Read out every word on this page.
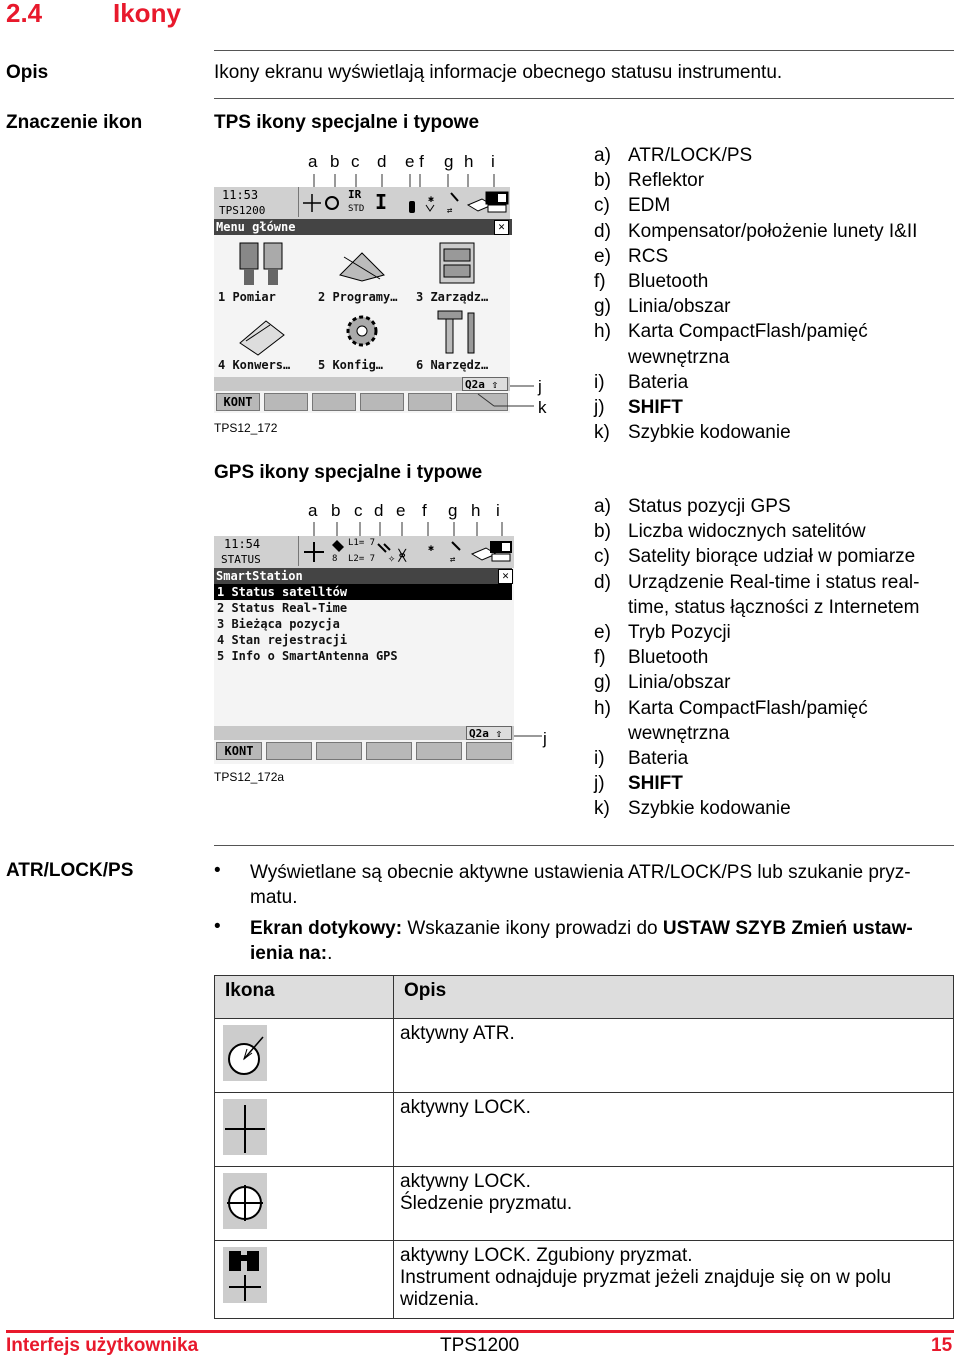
2.4	Ikony
Opis	Ikony ekranu wyświetlają informacje obecnego statusu instrumentu.
Znaczenie ikon	TPS ikony specjalne i typowe
a b c d e f g h i
11:53
TPS1200
IR
STD I	✱
⇄
Menu główne	✕
1 Pomiar	2 Programy… 3 Zarządz…
4 Konwers… 5 Konfig…	6 Narzędz…
Q2a ⇧
KONT
j
k
TPS12_172
a) ATR/LOCK/PS
b) Reflektor
c) EDM
d) Kompensator/położenie lunety I&II
e) RCS
f) Bluetooth
g) Linia/obszar
h) Karta CompactFlash/pamięć wewnętrzna
i) Bateria
j) SHIFT
k) Szybkie kodowanie
GPS ikony specjalne i typowe
a b c d e f g h i
11:54
STATUS
L1= 7
8 L2= 7 ✧ ᚸ ✱
⇄
SmartStation	✕
1 Status satelltów
2 Status Real-Time
3 Bieżąca pozycja
4 Stan rejestracji
5 Info o SmartAntenna GPS
Q2a ⇧
KONT
j
TPS12_172a
a) Status pozycji GPS
b) Liczba widocznych satelitów
c) Satelity biorące udział w pomiarze
d) Urządzenie Real-time i status real-time, status łączności z Internetem
e) Tryb Pozycji
f) Bluetooth
g) Linia/obszar
h) Karta CompactFlash/pamięć wewnętrzna
i) Bateria
j) SHIFT
k) Szybkie kodowanie
ATR/LOCK/PS	• Wyświetlane są obecnie aktywne ustawienia ATR/LOCK/PS lub szukanie pryz-
matu.
• Ekran dotykowy: Wskazanie ikony prowadzi do USTAW SZYB Zmień ustaw-
ienia na:.
Ikona	Opis

	aktywny ATR.

	aktywny LOCK.

	aktywny LOCK.
Śledzenie pryzmatu.

	aktywny LOCK. Zgubiony pryzmat.
Instrument odnajduje pryzmat jeżeli znajduje się on w polu
widzenia.
Interfejs użytkownika	TPS1200	15
